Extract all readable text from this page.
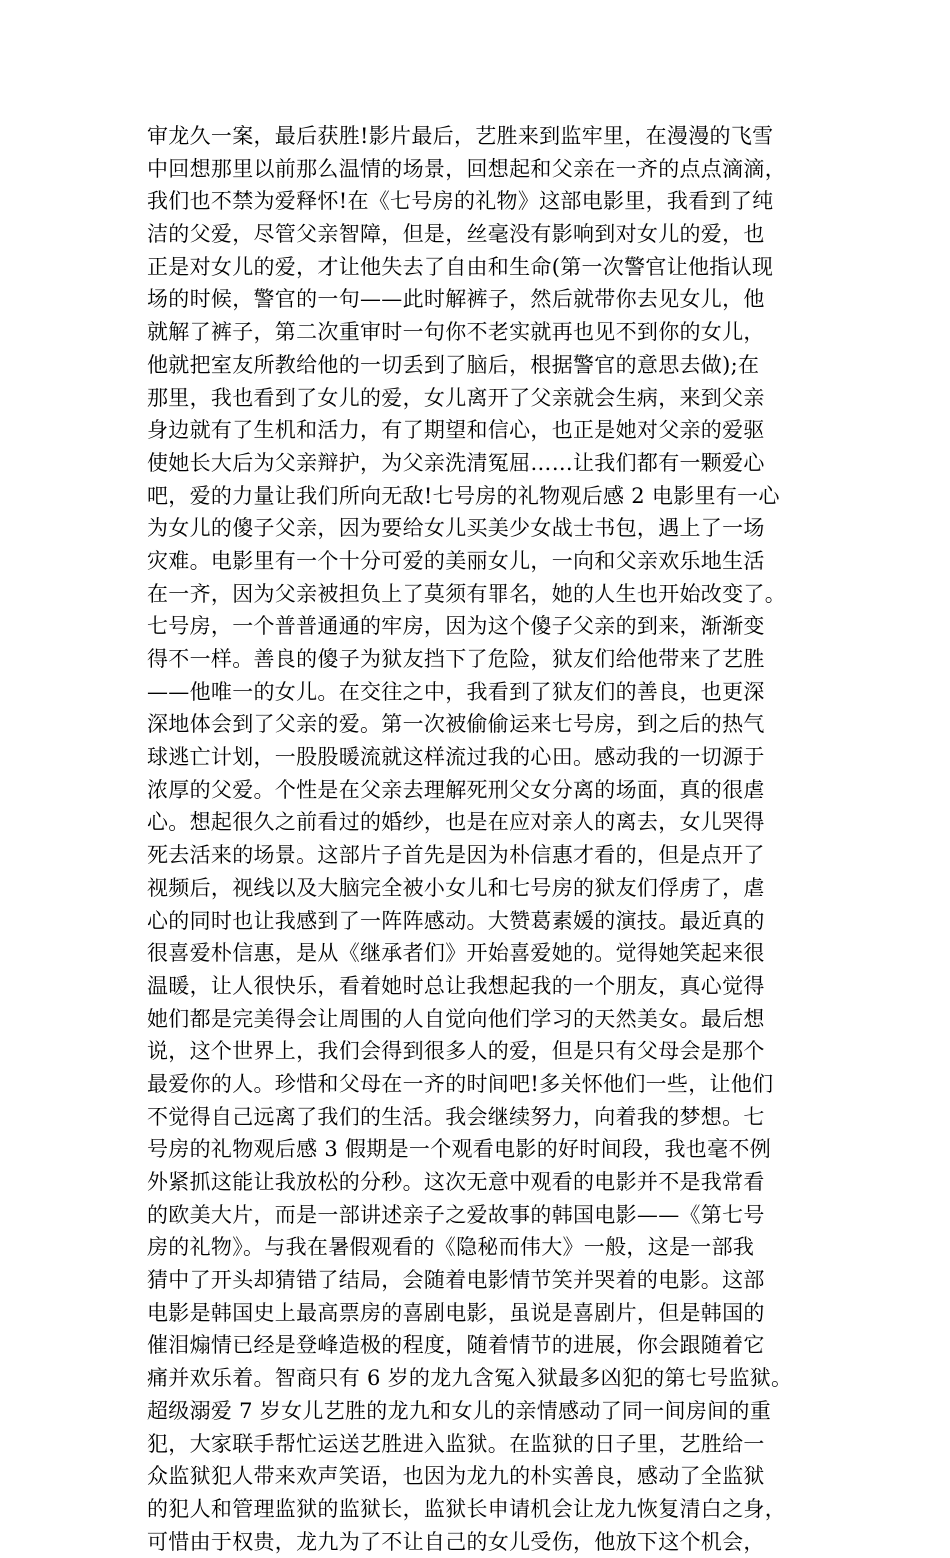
审龙久一案，最后获胜!影片最后，艺胜来到监牢里，在漫漫的飞雪
中回想那里以前那么温情的场景，回想起和父亲在一齐的点点滴滴，
我们也不禁为爱释怀!在《七号房的礼物》这部电影里，我看到了纯
洁的父爱，尽管父亲智障，但是，丝毫没有影响到对女儿的爱，也
正是对女儿的爱，才让他失去了自由和生命(第一次警官让他指认现
场的时候，警官的一句——此时解裤子，然后就带你去见女儿，他
就解了裤子，第二次重审时一句你不老实就再也见不到你的女儿，
他就把室友所教给他的一切丢到了脑后，根据警官的意思去做);在
那里，我也看到了女儿的爱，女儿离开了父亲就会生病，来到父亲
身边就有了生机和活力，有了期望和信心，也正是她对父亲的爱驱
使她长大后为父亲辩护，为父亲洗清冤屈……让我们都有一颗爱心
吧，爱的力量让我们所向无敌!七号房的礼物观后感 2 电影里有一心
为女儿的傻子父亲，因为要给女儿买美少女战士书包，遇上了一场
灾难。电影里有一个十分可爱的美丽女儿，一向和父亲欢乐地生活
在一齐，因为父亲被担负上了莫须有罪名，她的人生也开始改变了。
七号房，一个普普通通的牢房，因为这个傻子父亲的到来，渐渐变
得不一样。善良的傻子为狱友挡下了危险，狱友们给他带来了艺胜
——他唯一的女儿。在交往之中，我看到了狱友们的善良，也更深
深地体会到了父亲的爱。第一次被偷偷运来七号房，到之后的热气
球逃亡计划，一股股暖流就这样流过我的心田。感动我的一切源于
浓厚的父爱。个性是在父亲去理解死刑父女分离的场面，真的很虐
心。想起很久之前看过的婚纱，也是在应对亲人的离去，女儿哭得
死去活来的场景。这部片子首先是因为朴信惠才看的，但是点开了
视频后，视线以及大脑完全被小女儿和七号房的狱友们俘虏了，虐
心的同时也让我感到了一阵阵感动。大赞葛素媛的演技。最近真的
很喜爱朴信惠，是从《继承者们》开始喜爱她的。觉得她笑起来很
温暖，让人很快乐，看着她时总让我想起我的一个朋友，真心觉得
她们都是完美得会让周围的人自觉向他们学习的天然美女。最后想
说，这个世界上，我们会得到很多人的爱，但是只有父母会是那个
最爱你的人。珍惜和父母在一齐的时间吧!多关怀他们一些，让他们
不觉得自己远离了我们的生活。我会继续努力，向着我的梦想。七
号房的礼物观后感 3 假期是一个观看电影的好时间段，我也毫不例
外紧抓这能让我放松的分秒。这次无意中观看的电影并不是我常看
的欧美大片，而是一部讲述亲子之爱故事的韩国电影——《第七号
房的礼物》。与我在暑假观看的《隐秘而伟大》一般，这是一部我
猜中了开头却猜错了结局，会随着电影情节笑并哭着的电影。这部
电影是韩国史上最高票房的喜剧电影，虽说是喜剧片，但是韩国的
催泪煽情已经是登峰造极的程度，随着情节的进展，你会跟随着它
痛并欢乐着。智商只有 6 岁的龙九含冤入狱最多凶犯的第七号监狱。
超级溺爱 7 岁女儿艺胜的龙九和女儿的亲情感动了同一间房间的重
犯，大家联手帮忙运送艺胜进入监狱。在监狱的日子里，艺胜给一
众监狱犯人带来欢声笑语，也因为龙九的朴实善良，感动了全监狱
的犯人和管理监狱的监狱长，监狱长申请机会让龙九恢复清白之身，
可惜由于权贵，龙九为了不让自己的女儿受伤，他放下这个机会，
